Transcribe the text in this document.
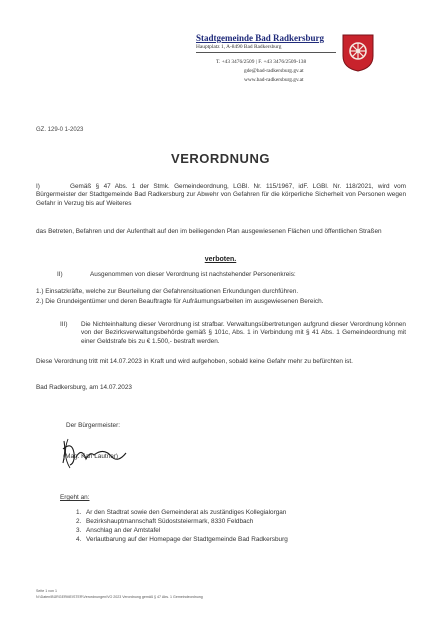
Stadtgemeinde Bad Radkersburg
Hauptplatz 1, A-8490 Bad Radkersburg
T. +43 3476/2509 | F. +43 3476/2509-138
gde@bad-radkersburg.gv.at
www.bad-radkersburg.gv.at
GZ. 129-0 1-2023
VERORDNUNG
I)	Gemäß § 47 Abs. 1 der Stmk. Gemeindeordnung, LGBl. Nr. 115/1967, idF. LGBl. Nr. 118/2021, wird vom Bürgermeister der Stadtgemeinde Bad Radkersburg zur Abwehr von Gefahren für die körperliche Sicherheit von Personen wegen Gefahr in Verzug bis auf Weiteres
das Betreten, Befahren und der Aufenthalt auf den im beiliegenden Plan ausgewiesenen Flächen und öffentlichen Straßen
verboten.
II)	Ausgenommen von dieser Verordnung ist nachstehender Personenkreis:
1.) Einsatzkräfte, welche zur Beurteilung der Gefahrensituationen Erkundungen durchführen.
2.) Die Grundeigentümer und deren Beauftragte für Aufräumungsarbeiten im ausgewiesenen Bereich.
III) Die Nichteinhaltung dieser Verordnung ist strafbar. Verwaltungsübertretungen aufgrund dieser Verordnung können von der Bezirksverwaltungsbehörde gemäß § 101c, Abs. 1 in Verbindung mit § 41 Abs. 1 Gemeindeordnung mit einer Geldstrafe bis zu € 1.500,- bestraft werden.
Diese Verordnung tritt mit 14.07.2023 in Kraft und wird aufgehoben, sobald keine Gefahr mehr zu befürchten ist.
Bad Radkersburg, am 14.07.2023
Der Bürgermeister:
(Mag. Karl Lautner)
Ergeht an:
1. Ar den Stadtrat sowie den Gemeinderat als zuständiges Kollegialorgan
2. Bezirkshauptmannschaft Südoststeiermark, 8330 Feldbach
3. Anschlag an der Amtstafel
4. Verlautbarung auf der Homepage der Stadtgemeinde Bad Radkersburg
Seite 1 von 1
N:\Daten\BÜRGERMEISTER\Verordnungen\VO 2023 Verordnung gemäß § 47 Abs. 1 Gemeindeordnung
